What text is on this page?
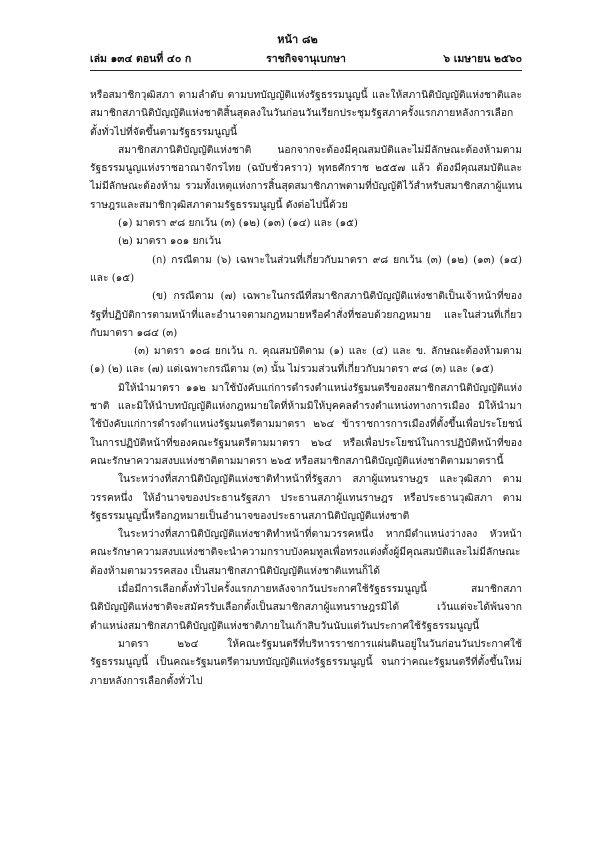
หน้า ๘๒
เล่ม ๑๓๔ ตอนที่ ๔๐ ก	ราชกิจจานุเบกษา	๖ เมษายน ๒๕๖๐

หรือสมาชิกวุฒิสภา ตามลำดับ ตามบทบัญญัติแห่งรัฐธรรมนูญนี้ และให้สภานิติบัญญัติแห่งชาติและสมาชิกสภานิติบัญญัติแห่งชาติสิ้นสุดลงในวันก่อนวันเรียกประชุมรัฐสภาครั้งแรกภายหลังการเลือกตั้งทั่วไปที่จัดขึ้นตามรัฐธรรมนูญนี้

สมาชิกสภานิติบัญญัติแห่งชาติ นอกจากจะต้องมีคุณสมบัติและไม่มีลักษณะต้องห้ามตามรัฐธรรมนูญแห่งราชอาณาจักรไทย (ฉบับชั่วคราว) พุทธศักราช ๒๕๕๗ แล้ว ต้องมีคุณสมบัติและไม่มีลักษณะต้องห้าม รวมทั้งเหตุแห่งการสิ้นสุดสมาชิกภาพตามที่บัญญัติไว้สำหรับสมาชิกสภาผู้แทนราษฎรและสมาชิกวุฒิสภาตามรัฐธรรมนูญนี้ ดังต่อไปนี้ด้วย

(๑) มาตรา ๙๘ ยกเว้น (๓) (๑๒) (๑๓) (๑๔) และ (๑๕)

(๒) มาตรา ๑๐๑ ยกเว้น

(ก) กรณีตาม (๖) เฉพาะในส่วนที่เกี่ยวกับมาตรา ๙๘ ยกเว้น (๓) (๑๒) (๑๓) (๑๔) และ (๑๕)

(ข) กรณีตาม (๗) เฉพาะในกรณีที่สมาชิกสภานิติบัญญัติแห่งชาติเป็นเจ้าหน้าที่ของรัฐที่ปฏิบัติการตามหน้าที่และอำนาจตามกฎหมายหรือคำสั่งที่ชอบด้วยกฎหมาย และในส่วนที่เกี่ยวกับมาตรา ๑๘๔ (๓)

(๓) มาตรา ๑๐๘ ยกเว้น ก. คุณสมบัติตาม (๑) และ (๔) และ ข. ลักษณะต้องห้ามตาม (๑) (๒) และ (๗) แต่เฉพาะกรณีตาม (๓) นั้น ไม่รวมส่วนที่เกี่ยวกับมาตรา ๙๘ (๓) และ (๑๕)

มิให้นำมาตรา ๑๑๒ มาใช้บังคับแก่การดำรงตำแหน่งรัฐมนตรีของสมาชิกสภานิติบัญญัติแห่งชาติ และมิให้นำบทบัญญัติแห่งกฎหมายใดที่ห้ามมิให้บุคคลดำรงตำแหน่งทางการเมือง มิให้นำมาใช้บังคับแก่การดำรงตำแหน่งรัฐมนตรีตามมาตรา ๒๖๔ ข้าราชการการเมืองที่ตั้งขึ้นเพื่อประโยชน์ในการปฏิบัติหน้าที่ของคณะรัฐมนตรีตามมาตรา ๒๖๔ หรือเพื่อประโยชน์ในการปฏิบัติหน้าที่ของคณะรักษาความสงบแห่งชาติตามมาตรา ๒๖๕ หรือสมาชิกสภานิติบัญญัติแห่งชาติตามมาตรานี้

ในระหว่างที่สภานิติบัญญัติแห่งชาติทำหน้าที่รัฐสภา สภาผู้แทนราษฎร และวุฒิสภา ตามวรรคหนึ่ง ให้อำนาจของประธานรัฐสภา ประธานสภาผู้แทนราษฎร หรือประธานวุฒิสภา ตามรัฐธรรมนูญนี้หรือกฎหมายเป็นอำนาจของประธานสภานิติบัญญัติแห่งชาติ

ในระหว่างที่สภานิติบัญญัติแห่งชาติทำหน้าที่ตามวรรคหนึ่ง หากมีตำแหน่งว่างลง หัวหน้าคณะรักษาความสงบแห่งชาติจะนำความกราบบังคมทูลเพื่อทรงแต่งตั้งผู้มีคุณสมบัติและไม่มีลักษณะต้องห้ามตามวรรคสอง เป็นสมาชิกสภานิติบัญญัติแห่งชาติแทนก็ได้

เมื่อมีการเลือกตั้งทั่วไปครั้งแรกภายหลังจากวันประกาศใช้รัฐธรรมนูญนี้ สมาชิกสภานิติบัญญัติแห่งชาติจะสมัครรับเลือกตั้งเป็นสมาชิกสภาผู้แทนราษฎรมิได้ เว้นแต่จะได้พ้นจากตำแหน่งสมาชิกสภานิติบัญญัติแห่งชาติภายในเก้าสิบวันนับแต่วันประกาศใช้รัฐธรรมนูญนี้

มาตรา ๒๖๔ ให้คณะรัฐมนตรีที่บริหารราชการแผ่นดินอยู่ในวันก่อนวันประกาศใช้รัฐธรรมนูญนี้ เป็นคณะรัฐมนตรีตามบทบัญญัติแห่งรัฐธรรมนูญนี้ จนกว่าคณะรัฐมนตรีที่ตั้งขึ้นใหม่ภายหลังการเลือกตั้งทั่วไป
